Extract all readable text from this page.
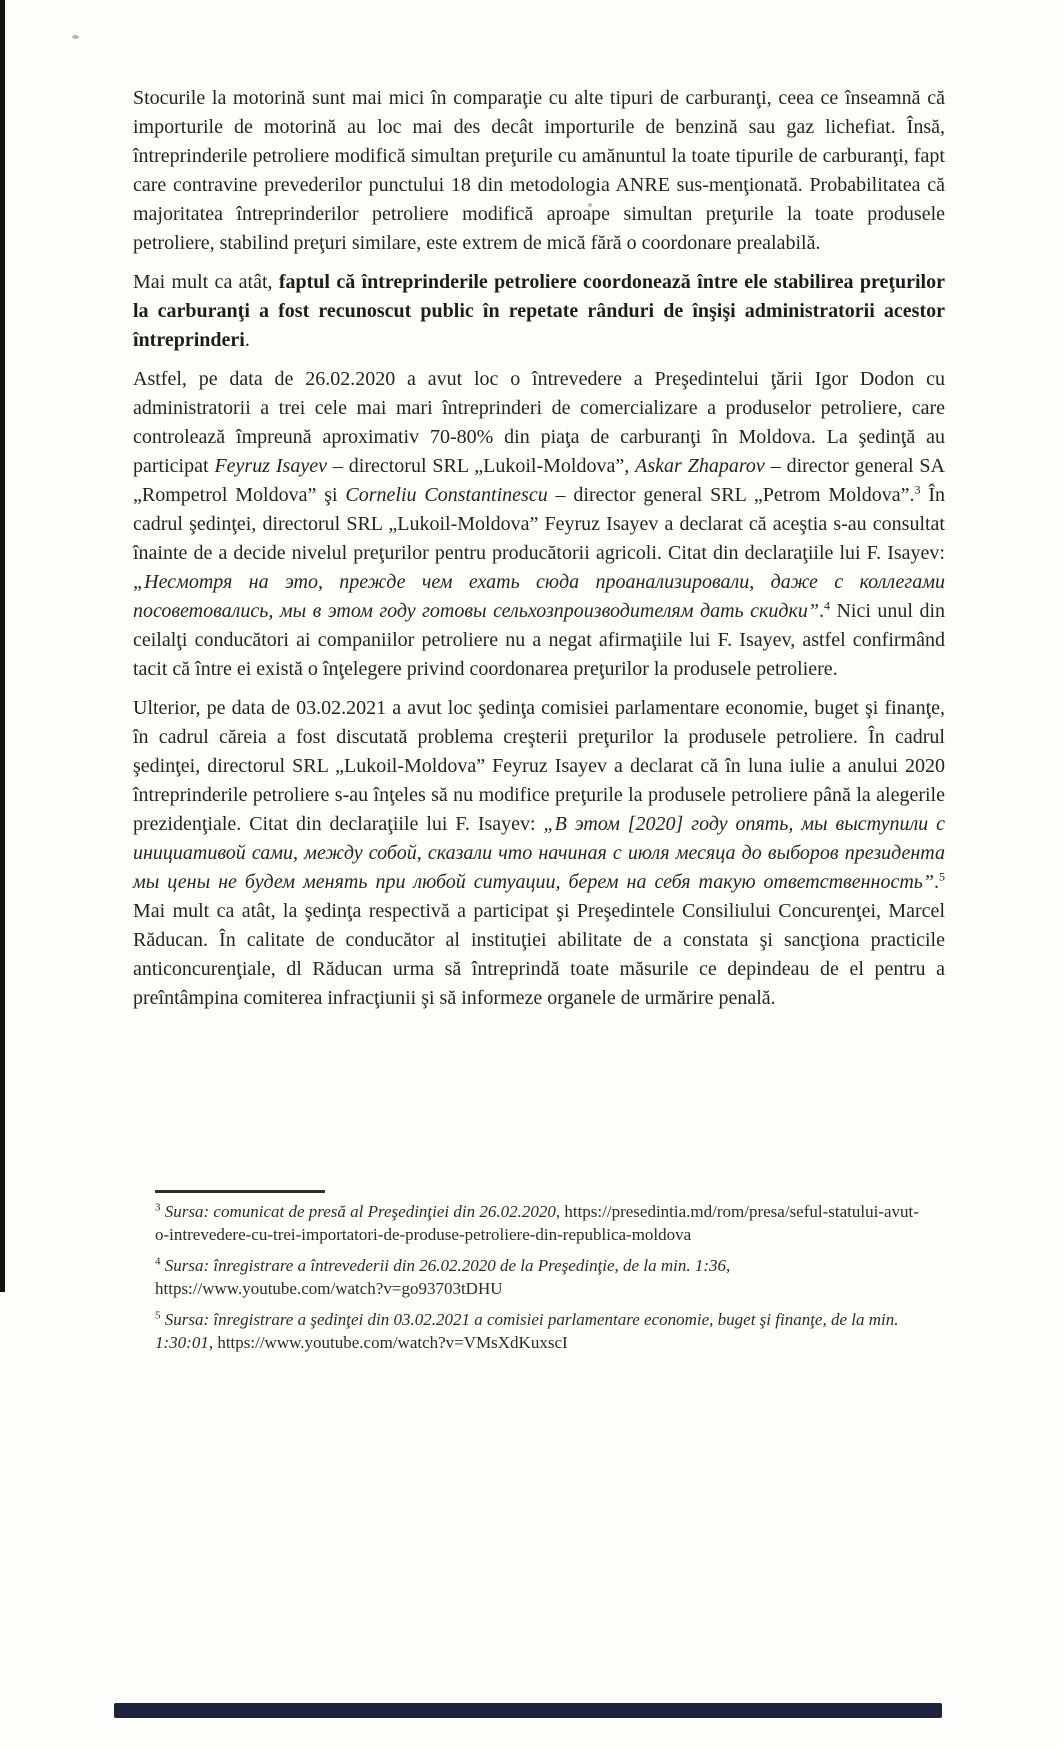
Stocurile la motorină sunt mai mici în comparaţie cu alte tipuri de carburanţi, ceea ce înseamnă că importurile de motorină au loc mai des decât importurile de benzină sau gaz lichefiat. Însă, întreprinderile petroliere modifică simultan preţurile cu amănuntul la toate tipurile de carburanţi, fapt care contravine prevederilor punctului 18 din metodologia ANRE sus-menţionată. Probabilitatea că majoritatea întreprinderilor petroliere modifică aproape simultan preţurile la toate produsele petroliere, stabilind preţuri similare, este extrem de mică fără o coordonare prealabilă.

Mai mult ca atât, faptul că întreprinderile petroliere coordonează între ele stabilirea preţurilor la carburanţi a fost recunoscut public în repetate rânduri de înşişi administratorii acestor întreprinderi.

Astfel, pe data de 26.02.2020 a avut loc o întrevedere a Preşedintelui ţării Igor Dodon cu administratorii a trei cele mai mari întreprinderi de comercializare a produselor petroliere, care controlează împreună aproximativ 70-80% din piaţa de carburanţi în Moldova. La şedinţă au participat Feyruz Isayev – directorul SRL „Lukoil-Moldova”, Askar Zhaparov – director general SA „Rompetrol Moldova” şi Corneliu Constantinescu – director general SRL „Petrom Moldova”.$^3$ În cadrul şedinţei, directorul SRL „Lukoil-Moldova” Feyruz Isayev a declarat că aceştia s-au consultat înainte de a decide nivelul preţurilor pentru producătorii agricoli. Citat din declaraţiile lui F. Isayev: „Несмотря на это, прежде чем ехать сюда проанализировали, даже с коллегами посоветовались, мы в этом году готовы сельхозпроизводителям дать скидки”.$^4$ Nici unul din ceilalţi conducători ai companiilor petroliere nu a negat afirmaţiile lui F. Isayev, astfel confirmând tacit că între ei există o înţelegere privind coordonarea preţurilor la produsele petroliere.

Ulterior, pe data de 03.02.2021 a avut loc şedinţa comisiei parlamentare economie, buget şi finanţe, în cadrul căreia a fost discutată problema creşterii preţurilor la produsele petroliere. În cadrul şedinţei, directorul SRL „Lukoil-Moldova” Feyruz Isayev a declarat că în luna iulie a anului 2020 întreprinderile petroliere s-au înţeles să nu modifice preţurile la produsele petroliere până la alegerile prezidenţiale. Citat din declaraţiile lui F. Isayev: „В этом [2020] году опять, мы выступили с инициативой сами, между собой, сказали что начиная с июля месяца до выборов президента мы цены не будем менять при любой ситуации, берем на себя такую ответственность”.$^5$ Mai mult ca atât, la şedinţa respectivă a participat şi Preşedintele Consiliului Concurenţei, Marcel Răducan. În calitate de conducător al instituţiei abilitate de a constata şi sancţiona practicile anticoncurenţiale, dl Răducan urma să întreprindă toate măsurile ce depindeau de el pentru a preîntâmpina comiterea infracţiunii şi să informeze organele de urmărire penală.

$^3$ Sursa: comunicat de presă al Preşedinţiei din 26.02.2020, https://presedintia.md/rom/presa/seful-statului-avut-
o-intrevedere-cu-trei-importatori-de-produse-petroliere-din-republica-moldova

$^4$ Sursa: înregistrare a întrevederii din 26.02.2020 de la Preşedinţie, de la min. 1:36,
https://www.youtube.com/watch?v=go93703tDHU

$^5$ Sursa: înregistrare a şedinţei din 03.02.2021 a comisiei parlamentare economie, buget şi finanţe, de la min.
1:30:01, https://www.youtube.com/watch?v=VMsXdKuxscI
